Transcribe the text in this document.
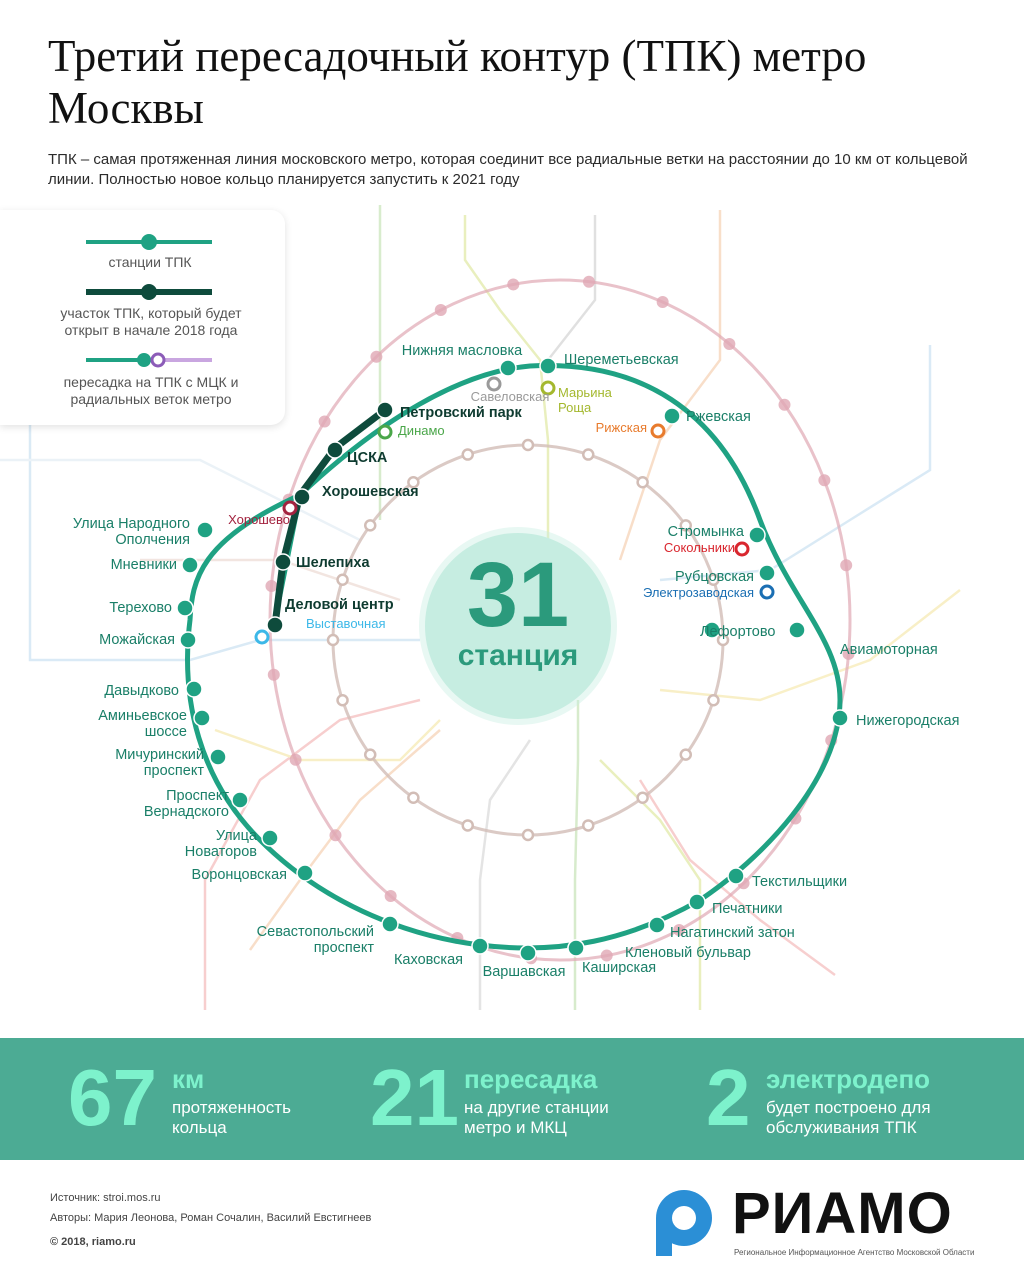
Третий пересадочный контур (ТПК) метро Москвы
ТПК – самая протяженная линия московского метро, которая соединит все радиальные ветки на расстоянии до 10 км от кольцевой линии. Полностью новое кольцо планируется запустить к 2021 году
Нижняя масловка
Шереметьевская
Ржевская
Стромынка
Рубцовская
Лефортово
Авиамоторная
Нижегородская
Текстильщики
Печатники
Нагатинский затон
Кленовый бульвар
Каширская
Варшавская
Каховская
Севастопольский проспект
Воронцовская
Улица Новаторов
Проспект Вернадского
Мичуринский проспект
Аминьевское шоссе
Давыдково
Можайская
Терехово
Мневники
Улица Народного Ополчения
Хорошевская
ЦСКА
Петровский парк
Шелепиха
Деловой центр
Савеловская Марьина Роща
Рижская
Сокольники
Электрозаводская
Динамо
Хорошево
Выставочная
станции ТПК
участок ТПК, который будет открыт в начале 2018 года
пересадка на ТПК с МЦК и радиальных веток метро
31
станция
67 км
протяженность кольца	21 пересадка
на другие станции метро и МКЦ	2 электродепо
будет построено для обслуживания ТПК
Источник: stroi.mos.ru
Авторы: Мария Леонова, Роман Сочалин, Василий Евстигнеев
© 2018, riamo.ru	РИАМО
Региональное Информационное Агентство Московской Области
